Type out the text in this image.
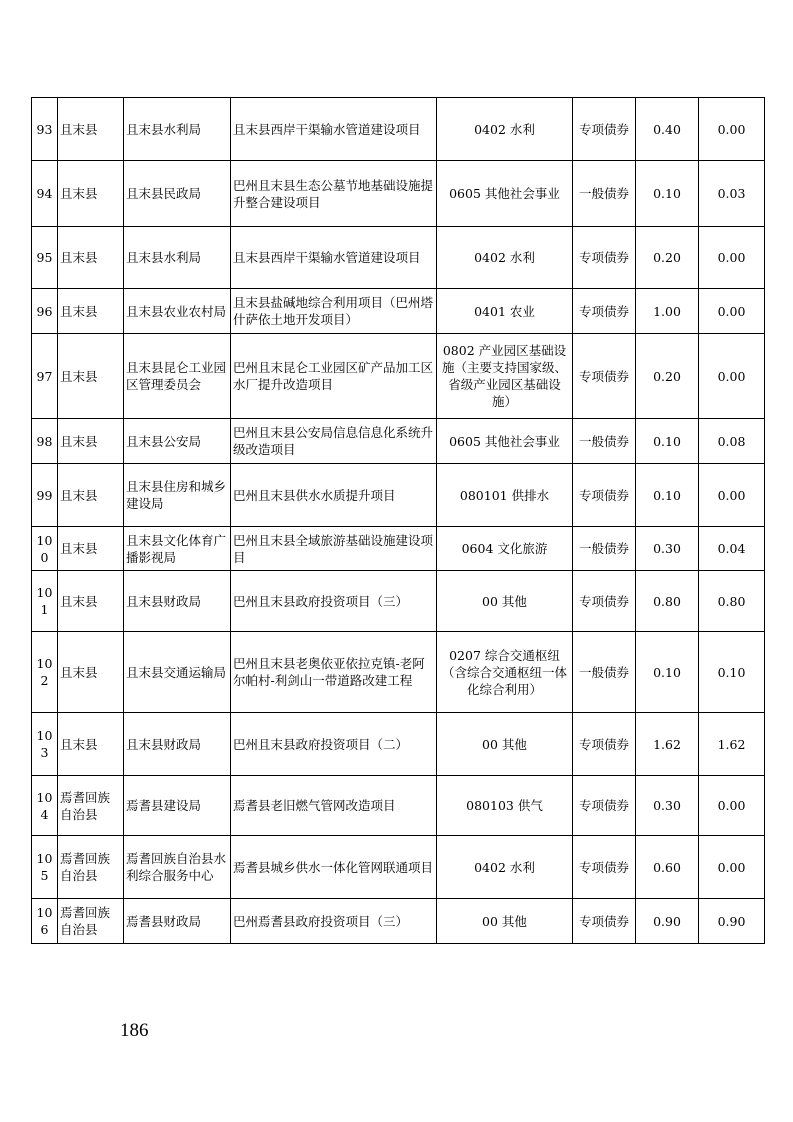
93	且末县	且末县水利局	且末县西岸干渠输水管道建设项目	0402 水利	专项债券	0.40	0.00
94	且末县	且末县民政局	巴州且末县生态公墓节地基础设施提升整合建设项目	0605 其他社会事业	一般债券	0.10	0.03
95	且末县	且末县水利局	且末县西岸干渠输水管道建设项目	0402 水利	专项债券	0.20	0.00
96	且末县	且末县农业农村局	且末县盐碱地综合利用项目（巴州塔什萨依土地开发项目）	0401 农业	专项债券	1.00	0.00
97	且末县	且末县昆仑工业园区管理委员会	巴州且末昆仑工业园区矿产品加工区水厂提升改造项目	0802 产业园区基础设施（主要支持国家级、省级产业园区基础设施）	专项债券	0.20	0.00
98	且末县	且末县公安局	巴州且末县公安局信息信息化系统升级改造项目	0605 其他社会事业	一般债券	0.10	0.08
99	且末县	且末县住房和城乡建设局	巴州且末县供水水质提升项目	080101 供排水	专项债券	0.10	0.00
100	且末县	且末县文化体育广播影视局	巴州且末县全域旅游基础设施建设项目	0604 文化旅游	一般债券	0.30	0.04
101	且末县	且末县财政局	巴州且末县政府投资项目（三）	00 其他	专项债券	0.80	0.80
102	且末县	且末县交通运输局	巴州且末县老奥依亚依拉克镇-老阿尔帕村-利剑山一带道路改建工程	0207 综合交通枢纽（含综合交通枢纽一体化综合利用）	一般债券	0.10	0.10
103	且末县	且末县财政局	巴州且末县政府投资项目（二）	00 其他	专项债券	1.62	1.62
104	焉耆回族自治县	焉耆县建设局	焉耆县老旧燃气管网改造项目	080103 供气	专项债券	0.30	0.00
105	焉耆回族自治县	焉耆回族自治县水利综合服务中心	焉耆县城乡供水一体化管网联通项目	0402 水利	专项债券	0.60	0.00
106	焉耆回族自治县	焉耆县财政局	巴州焉耆县政府投资项目（三）	00 其他	专项债券	0.90	0.90
186
